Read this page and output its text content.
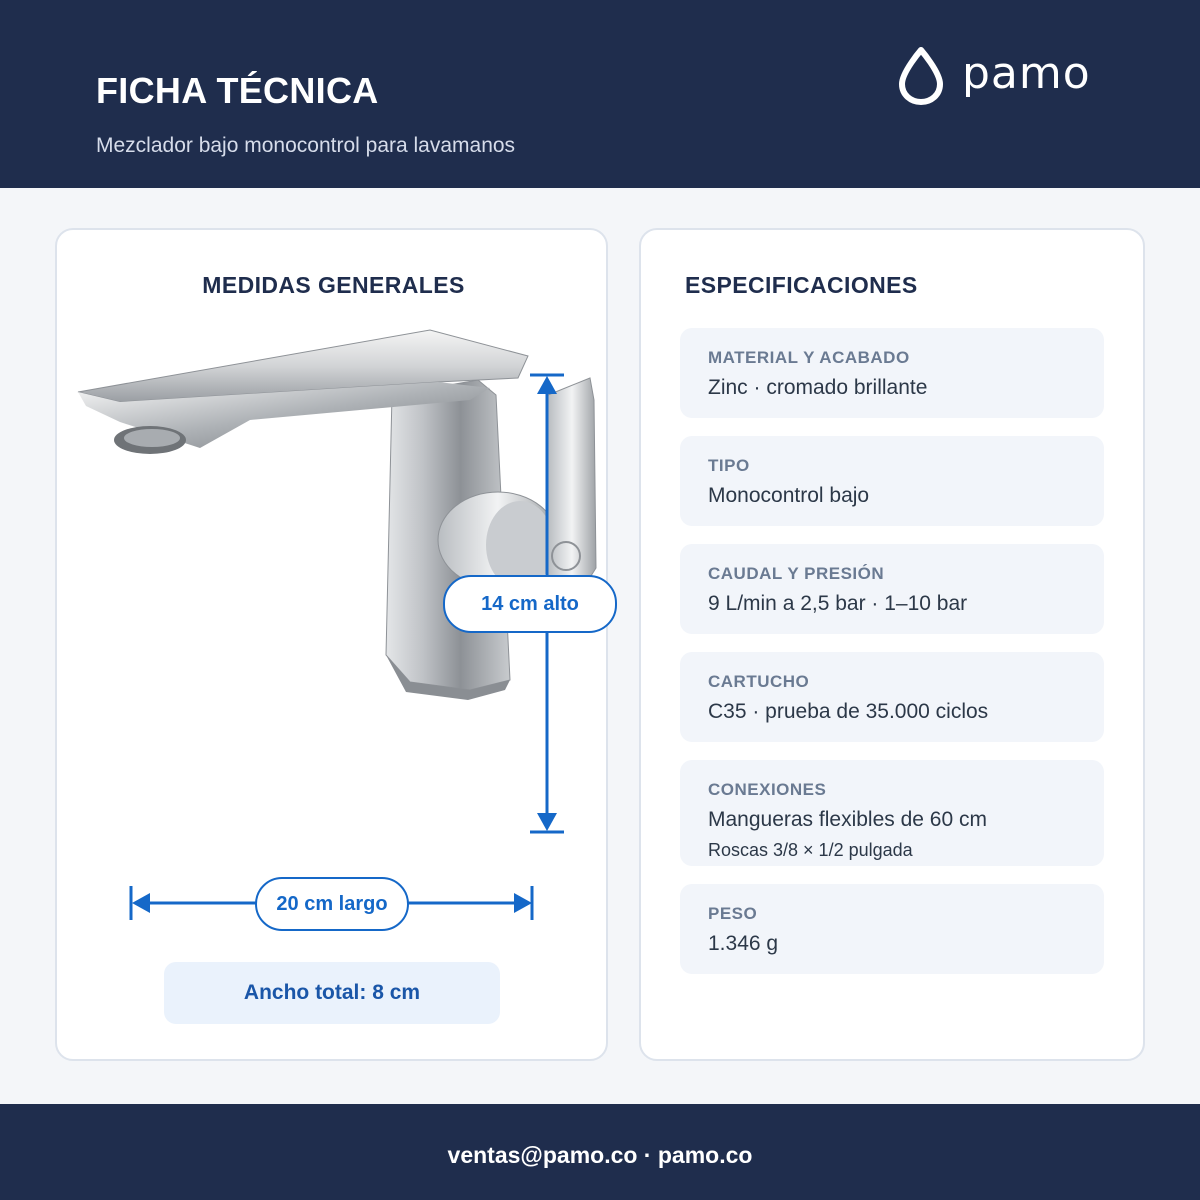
FICHA TÉCNICA
Mezclador bajo monocontrol para lavamanos
pamo
MEDIDAS GENERALES
14 cm alto
20 cm largo
Ancho total: 8 cm
ESPECIFICACIONES
MATERIAL Y ACABADO
Zinc · cromado brillante
TIPO
Monocontrol bajo
CAUDAL Y PRESIÓN
9 L/min a 2,5 bar · 1–10 bar
CARTUCHO
C35 · prueba de 35.000 ciclos
CONEXIONES
Mangueras flexibles de 60 cm
Roscas 3/8 × 1/2 pulgada
PESO
1.346 g
ventas@pamo.co · pamo.co
